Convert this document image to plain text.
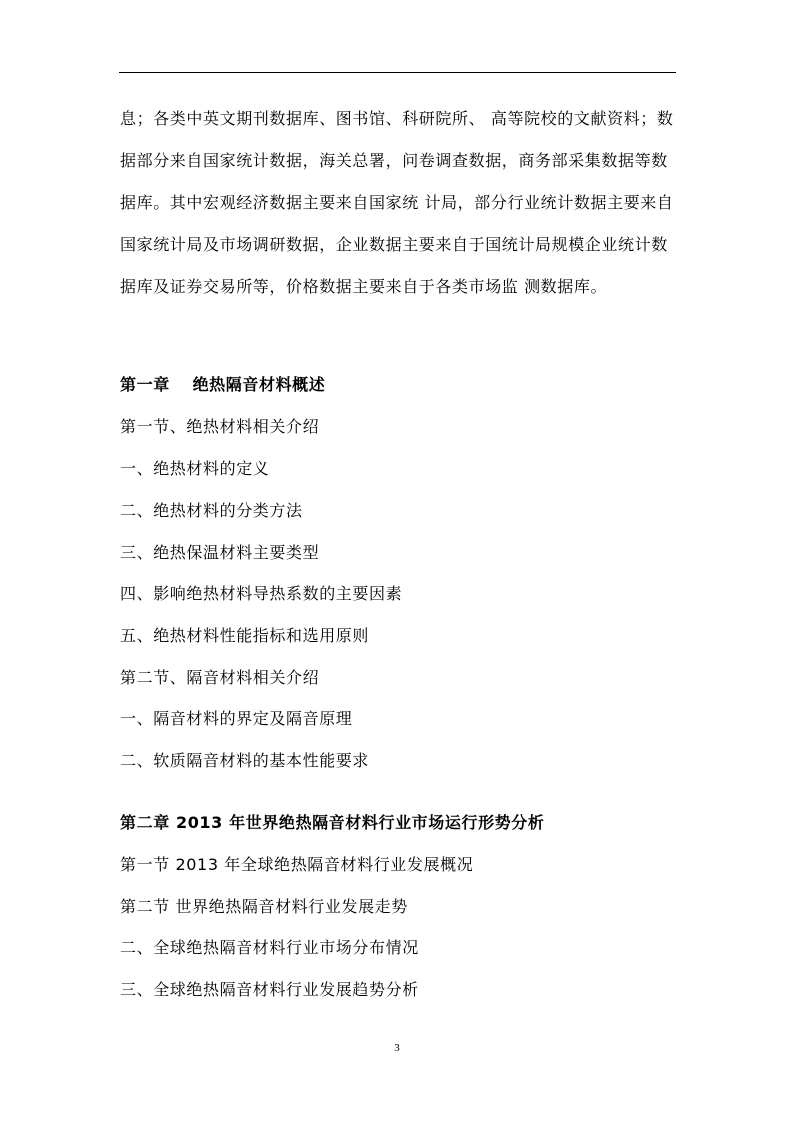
息；各类中英文期刊数据库、图书馆、科研院所、 高等院校的文献资料；数据部分来自国家统计数据，海关总署，问卷调查数据，商务部采集数据等数据库。其中宏观经济数据主要来自国家统 计局，部分行业统计数据主要来自国家统计局及市场调研数据，企业数据主要来自于国统计局规模企业统计数据库及证券交易所等，价格数据主要来自于各类市场监 测数据库。

第一章　 绝热隔音材料概述

第一节、绝热材料相关介绍

一、绝热材料的定义

二、绝热材料的分类方法

三、绝热保温材料主要类型

四、影响绝热材料导热系数的主要因素

五、绝热材料性能指标和选用原则

第二节、隔音材料相关介绍

一、隔音材料的界定及隔音原理

二、软质隔音材料的基本性能要求

第二章 2013 年世界绝热隔音材料行业市场运行形势分析

第一节 2013 年全球绝热隔音材料行业发展概况

第二节 世界绝热隔音材料行业发展走势

二、全球绝热隔音材料行业市场分布情况

三、全球绝热隔音材料行业发展趋势分析

3
